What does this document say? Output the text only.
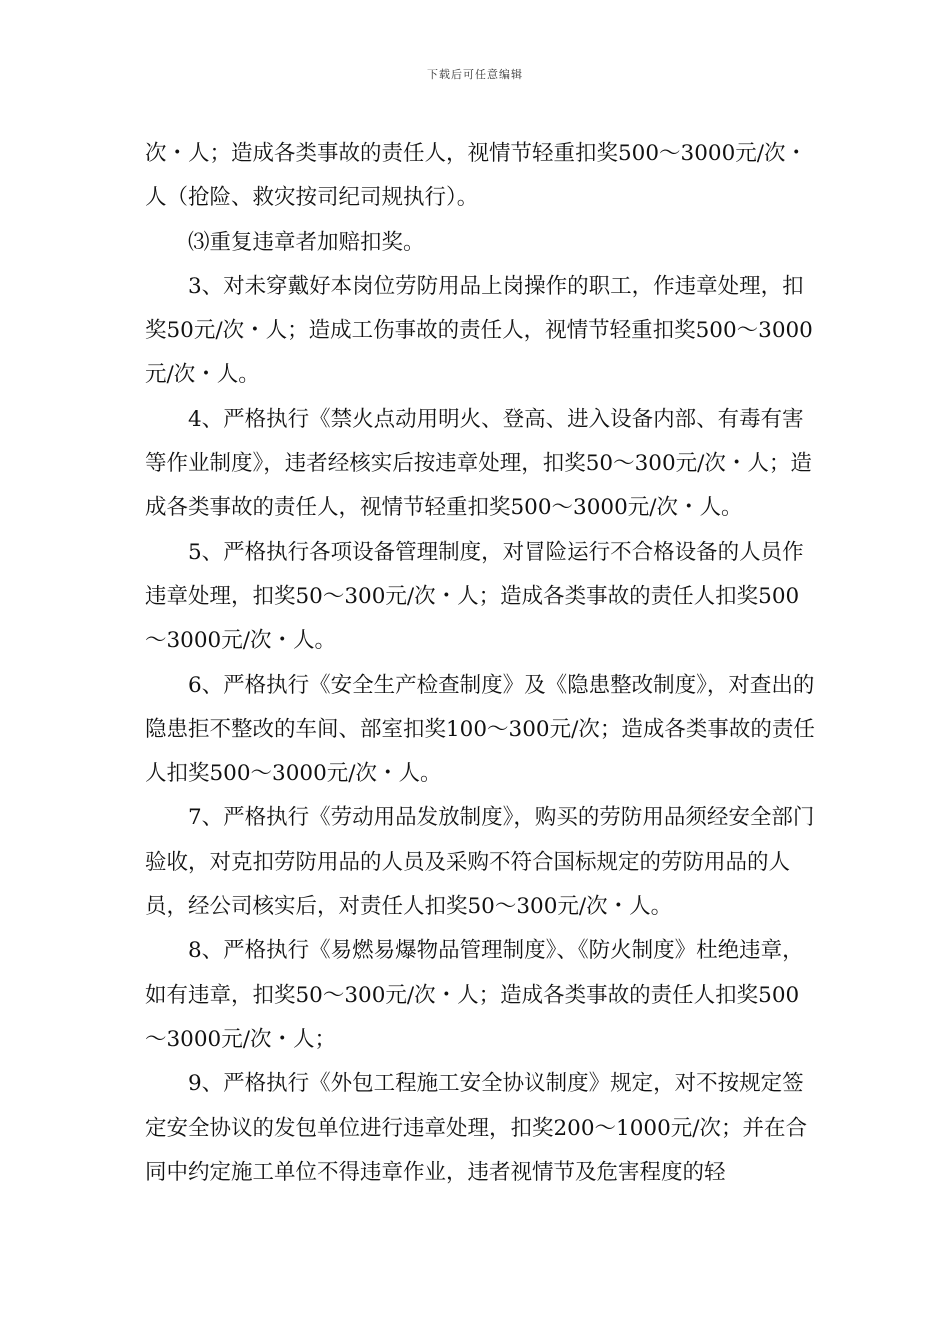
下载后可任意编辑

次・人；造成各类事故的责任人，视情节轻重扣奖500～3000元/次・人（抢险、救灾按司纪司规执行）。

⑶重复违章者加赔扣奖。

3、对未穿戴好本岗位劳防用品上岗操作的职工，作违章处理，扣奖50元/次・人；造成工伤事故的责任人，视情节轻重扣奖500～3000元/次・人。

4、严格执行《禁火点动用明火、登高、进入设备内部、有毒有害等作业制度》，违者经核实后按违章处理，扣奖50～300元/次・人；造成各类事故的责任人，视情节轻重扣奖500～3000元/次・人。

5、严格执行各项设备管理制度，对冒险运行不合格设备的人员作违章处理，扣奖50～300元/次・人；造成各类事故的责任人扣奖500～3000元/次・人。

6、严格执行《安全生产检查制度》及《隐患整改制度》，对查出的隐患拒不整改的车间、部室扣奖100～300元/次；造成各类事故的责任人扣奖500～3000元/次・人。

7、严格执行《劳动用品发放制度》，购买的劳防用品须经安全部门验收，对克扣劳防用品的人员及采购不符合国标规定的劳防用品的人员，经公司核实后，对责任人扣奖50～300元/次・人。

8、严格执行《易燃易爆物品管理制度》、《防火制度》杜绝违章，如有违章，扣奖50～300元/次・人；造成各类事故的责任人扣奖500～3000元/次・人；

9、严格执行《外包工程施工安全协议制度》规定，对不按规定签定安全协议的发包单位进行违章处理，扣奖200～1000元/次；并在合同中约定施工单位不得违章作业，违者视情节及危害程度的轻
